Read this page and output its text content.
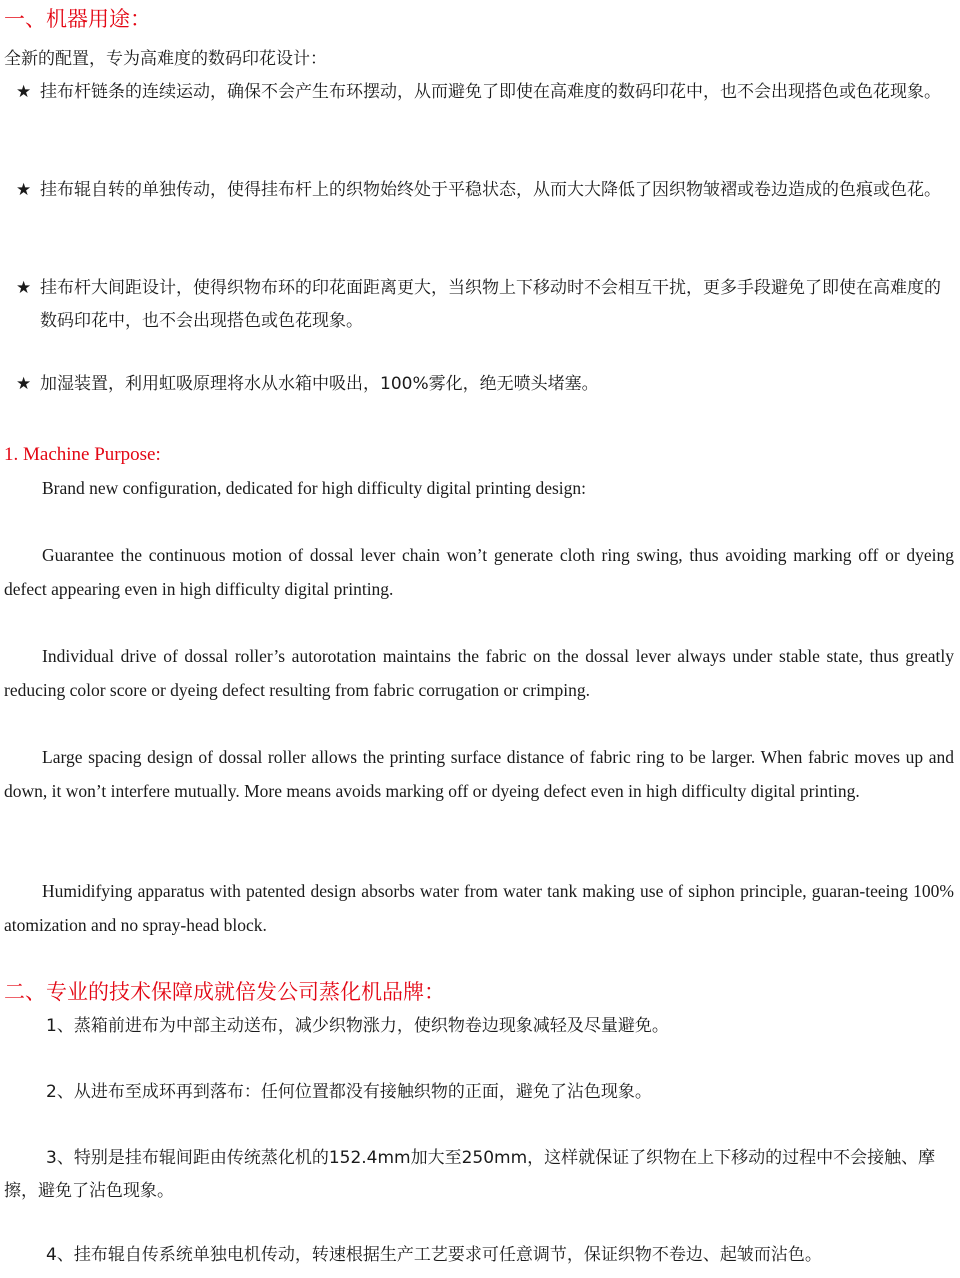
一、机器用途：

全新的配置，专为高难度的数码印花设计：

★ 挂布杆链条的连续运动，确保不会产生布环摆动，从而避免了即使在高难度的数码印花中，也不会出现搭色或色花现象。
★ 挂布辊自转的单独传动，使得挂布杆上的织物始终处于平稳状态，从而大大降低了因织物皱褶或卷边造成的色痕或色花。
★ 挂布杆大间距设计，使得织物布环的印花面距离更大，当织物上下移动时不会相互干扰，更多手段避免了即使在高难度的数码印花中，也不会出现搭色或色花现象。
★ 加湿装置，利用虹吸原理将水从水箱中吸出，100%雾化，绝无喷头堵塞。
1. Machine Purpose:

Brand new configuration, dedicated for high difficulty digital printing design:

Guarantee the continuous motion of dossal lever chain won’t generate cloth ring swing, thus avoiding marking off or dyeing defect appearing even in high difficulty digital printing.

Individual drive of dossal roller’s autorotation maintains the fabric on the dossal lever always under stable state, thus greatly reducing color score or dyeing defect resulting from fabric corrugation or crimping.

Large spacing design of dossal roller allows the printing surface distance of fabric ring to be larger. When fabric moves up and down, it won’t interfere mutually. More means avoids marking off or dyeing defect even in high difficulty digital printing.

Humidifying apparatus with patented design absorbs water from water tank making use of siphon principle, guaran-teeing 100% atomization and no spray-head block.

二、专业的技术保障成就倍发公司蒸化机品牌：

1、蒸箱前进布为中部主动送布，减少织物涨力，使织物卷边现象减轻及尽量避免。

2、从进布至成环再到落布：任何位置都没有接触织物的正面，避免了沾色现象。

3、特别是挂布辊间距由传统蒸化机的152.4mm加大至250mm，这样就保证了织物在上下移动的过程中不会接触、摩擦，避免了沾色现象。

4、挂布辊自传系统单独电机传动，转速根据生产工艺要求可任意调节，保证织物不卷边、起皱而沾色。
